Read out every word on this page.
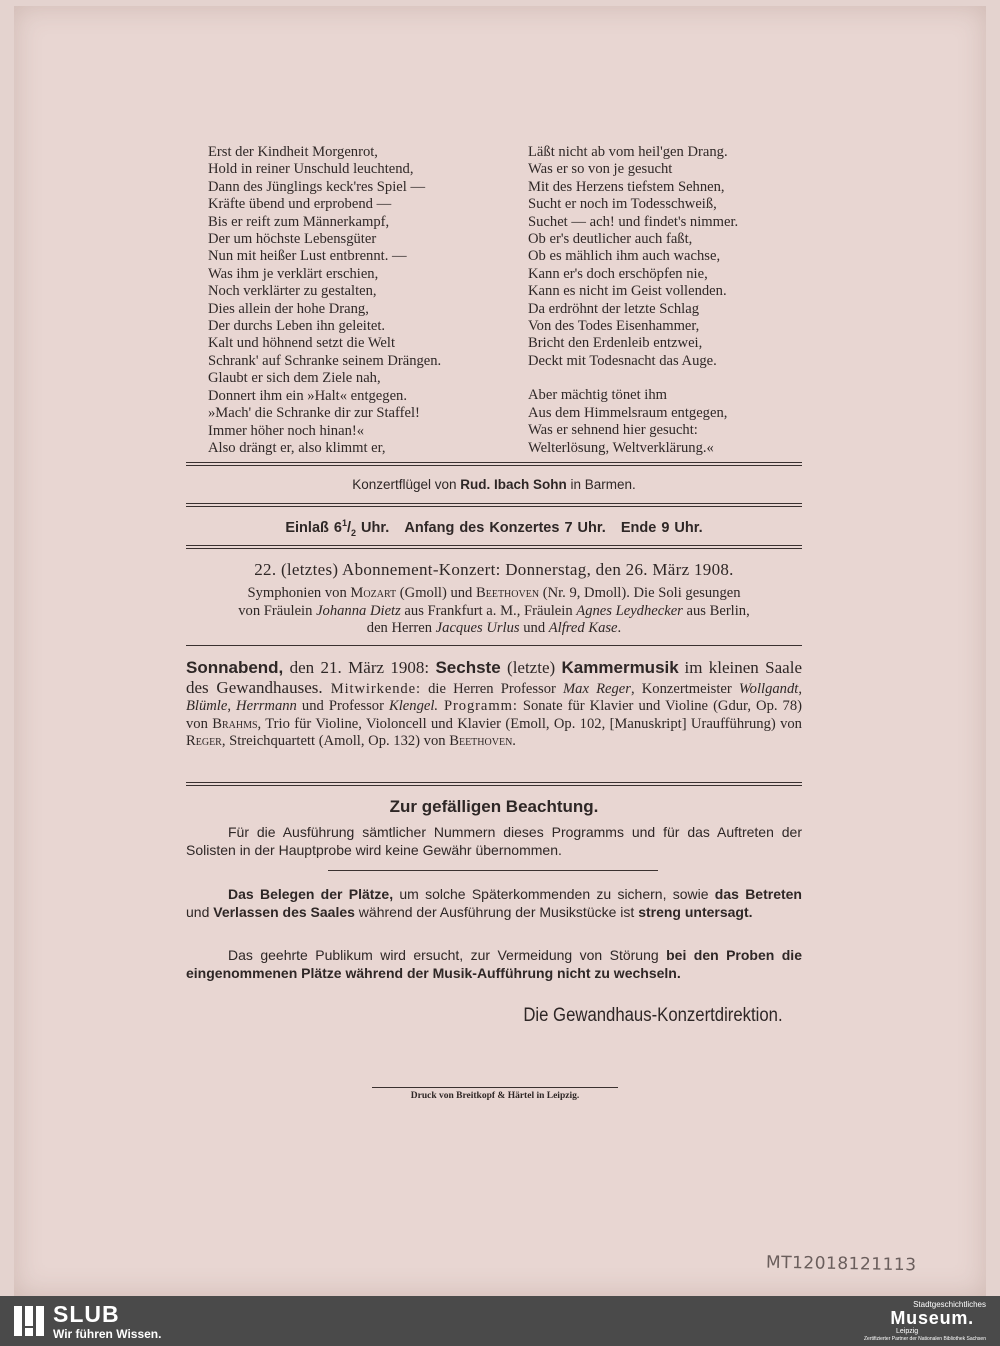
Erst der Kindheit Morgenrot,
Hold in reiner Unschuld leuchtend,
Dann des Jünglings keck'res Spiel —
Kräfte übend und erprobend —
Bis er reift zum Männerkampf,
Der um höchste Lebensgüter
Nun mit heißer Lust entbrennt. —
Was ihm je verklärt erschien,
Noch verklärter zu gestalten,
Dies allein der hohe Drang,
Der durchs Leben ihn geleitet.
Kalt und höhnend setzt die Welt
Schrank' auf Schranke seinem Drängen.
Glaubt er sich dem Ziele nah,
Donnert ihm ein »Halt« entgegen.
»Mach' die Schranke dir zur Staffel!
Immer höher noch hinan!«
Also drängt er, also klimmt er,
Läßt nicht ab vom heil'gen Drang.
Was er so von je gesucht
Mit des Herzens tiefstem Sehnen,
Sucht er noch im Todesschweiß,
Suchet — ach! und findet's nimmer.
Ob er's deutlicher auch faßt,
Ob es mählich ihm auch wachse,
Kann er's doch erschöpfen nie,
Kann es nicht im Geist vollenden.
Da erdröhnt der letzte Schlag
Von des Todes Eisenhammer,
Bricht den Erdenleib entzwei,
Deckt mit Todesnacht das Auge.
Aber mächtig tönet ihm
Aus dem Himmelsraum entgegen,
Was er sehnend hier gesucht:
Welterlösung, Weltverklärung.«
Konzertflügel von Rud. Ibach Sohn in Barmen.
Einlaß $6^1/_2$ Uhr. Anfang des Konzertes 7 Uhr. Ende 9 Uhr.
22. (letztes) Abonnement-Konzert: Donnerstag, den 26. März 1908.
Symphonien von Mozart (Gmoll) und Beethoven (Nr. 9, Dmoll). Die Soli gesungen
von Fräulein Johanna Dietz aus Frankfurt a. M., Fräulein Agnes Leydhecker aus Berlin,
den Herren Jacques Urlus und Alfred Kase.
Sonnabend, den 21. März 1908: Sechste (letzte) Kammermusik im kleinen Saale des Gewandhauses. Mitwirkende: die Herren Professor Max Reger, Konzertmeister Wollgandt, Blümle, Herrmann und Professor Klengel. Programm: Sonate für Klavier und Violine (Gdur, Op. 78) von Brahms, Trio für Violine, Violoncell und Klavier (Emoll, Op. 102, [Manuskript] Uraufführung) von Reger, Streichquartett (Amoll, Op. 132) von Beethoven.
Zur gefälligen Beachtung.
Für die Ausführung sämtlicher Nummern dieses Programms und für das Auftreten der Solisten in der Hauptprobe wird keine Gewähr übernommen.
Das Belegen der Plätze, um solche Späterkommenden zu sichern, sowie das Betreten und Verlassen des Saales während der Ausführung der Musikstücke ist streng untersagt.
Das geehrte Publikum wird ersucht, zur Vermeidung von Störung bei den Proben die eingenommenen Plätze während der Musik-Aufführung nicht zu wechseln.
Die Gewandhaus-Konzertdirektion.
Druck von Breitkopf & Härtel in Leipzig.
MT12018121113
SLUB
Wir führen Wissen.
Stadtgeschichtliches
Museum.
Leipzig
Zertifizierter Partner der Nationalen Bibliothek Sachsen
